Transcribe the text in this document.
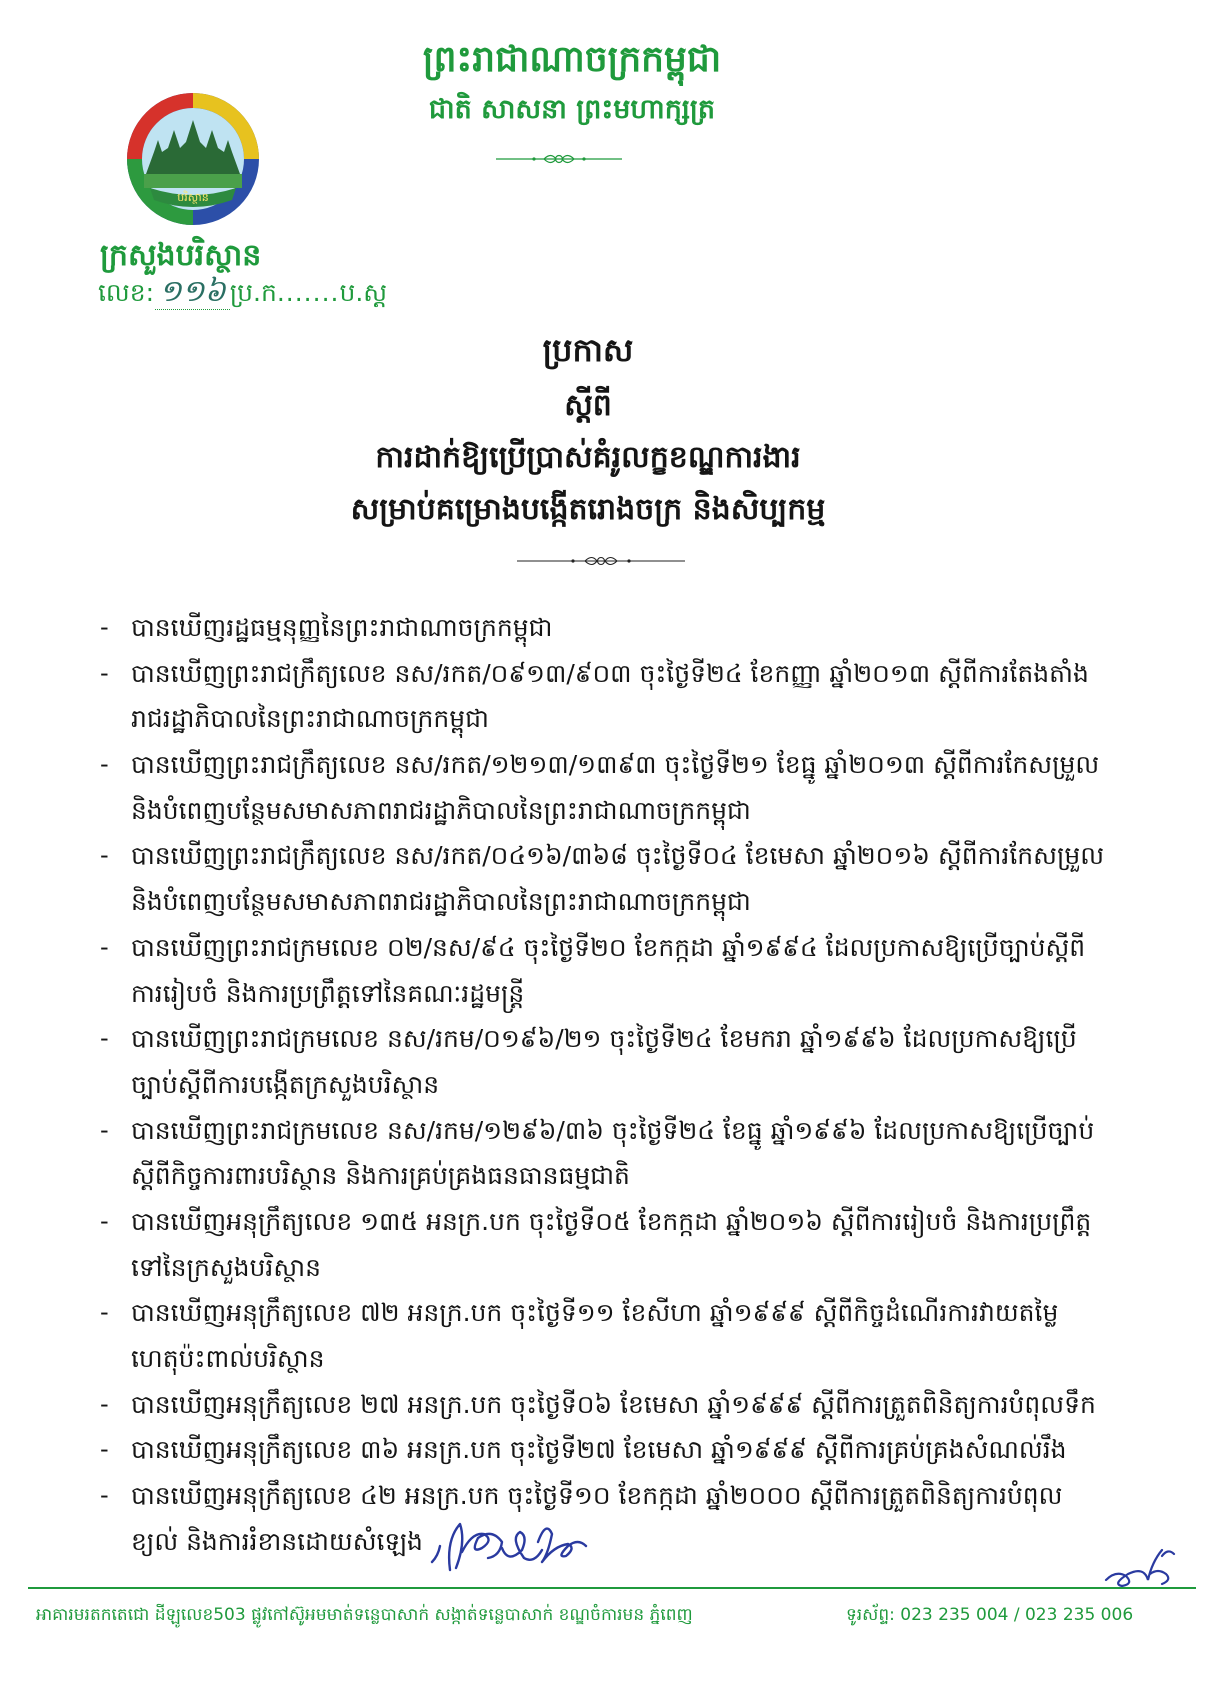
ព្រះរាជាណាចក្រកម្ពុជា
ជាតិ សាសនា ព្រះមហាក្សត្រ
បរិស្ថាន
ក្រសួងបរិស្ថាន
លេខ: ១១៦ ប្រ.ក.......ប.ស្ត
ប្រកាស
ស្តីពី
ការដាក់ឱ្យប្រើប្រាស់គំរូលក្ខខណ្ឌការងារ
សម្រាប់គម្រោងបង្កើតរោងចក្រ និងសិប្បកម្ម
- បានឃើញរដ្ឋធម្មនុញ្ញនៃព្រះរាជាណាចក្រកម្ពុជា
- បានឃើញព្រះរាជក្រឹត្យលេខ នស/រកត/០៩១៣/៩០៣ ចុះថ្ងៃទី២៤ ខែកញ្ញា ឆ្នាំ២០១៣ ស្តីពីការតែងតាំង
រាជរដ្ឋាភិបាលនៃព្រះរាជាណាចក្រកម្ពុជា
- បានឃើញព្រះរាជក្រឹត្យលេខ នស/រកត/១២១៣/១៣៩៣ ចុះថ្ងៃទី២១ ខែធ្នូ ឆ្នាំ២០១៣ ស្តីពីការកែសម្រួល
និងបំពេញបន្ថែមសមាសភាពរាជរដ្ឋាភិបាលនៃព្រះរាជាណាចក្រកម្ពុជា
- បានឃើញព្រះរាជក្រឹត្យលេខ នស/រកត/០៤១៦/៣៦៨ ចុះថ្ងៃទី០៤ ខែមេសា ឆ្នាំ២០១៦ ស្តីពីការកែសម្រួល
និងបំពេញបន្ថែមសមាសភាពរាជរដ្ឋាភិបាលនៃព្រះរាជាណាចក្រកម្ពុជា
- បានឃើញព្រះរាជក្រមលេខ ០២/នស/៩៤ ចុះថ្ងៃទី២០ ខែកក្កដា ឆ្នាំ១៩៩៤ ដែលប្រកាសឱ្យប្រើច្បាប់ស្តីពី
ការរៀបចំ និងការប្រព្រឹត្តទៅនៃគណៈរដ្ឋមន្ត្រី
- បានឃើញព្រះរាជក្រមលេខ នស/រកម/០១៩៦/២១ ចុះថ្ងៃទី២៤ ខែមករា ឆ្នាំ១៩៩៦ ដែលប្រកាសឱ្យប្រើ
ច្បាប់ស្តីពីការបង្កើតក្រសួងបរិស្ថាន
- បានឃើញព្រះរាជក្រមលេខ នស/រកម/១២៩៦/៣៦ ចុះថ្ងៃទី២៤ ខែធ្នូ ឆ្នាំ១៩៩៦ ដែលប្រកាសឱ្យប្រើច្បាប់
ស្តីពីកិច្ចការពារបរិស្ថាន និងការគ្រប់គ្រងធនធានធម្មជាតិ
- បានឃើញអនុក្រឹត្យលេខ ១៣៥ អនក្រ.បក ចុះថ្ងៃទី០៥ ខែកក្កដា ឆ្នាំ២០១៦ ស្តីពីការរៀបចំ និងការប្រព្រឹត្ត
ទៅនៃក្រសួងបរិស្ថាន
- បានឃើញអនុក្រឹត្យលេខ ៧២ អនក្រ.បក ចុះថ្ងៃទី១១ ខែសីហា ឆ្នាំ១៩៩៩ ស្តីពីកិច្ចដំណើរការវាយតម្លៃ
ហេតុប៉ះពាល់បរិស្ថាន
- បានឃើញអនុក្រឹត្យលេខ ២៧ អនក្រ.បក ចុះថ្ងៃទី០៦ ខែមេសា ឆ្នាំ១៩៩៩ ស្តីពីការត្រួតពិនិត្យការបំពុលទឹក
- បានឃើញអនុក្រឹត្យលេខ ៣៦ អនក្រ.បក ចុះថ្ងៃទី២៧ ខែមេសា ឆ្នាំ១៩៩៩ ស្តីពីការគ្រប់គ្រងសំណល់រឹង
- បានឃើញអនុក្រឹត្យលេខ ៤២ អនក្រ.បក ចុះថ្ងៃទី១០ ខែកក្កដា ឆ្នាំ២០០០ ស្តីពីការត្រួតពិនិត្យការបំពុល
ខ្យល់ និងការរំខានដោយសំឡេង
អាគារមរតកតេជោ ដីឡូលេខ503 ផ្លូវកៅស៊ូអមមាត់ទន្លេបាសាក់ សង្កាត់ទន្លេបាសាក់ ខណ្ឌចំការមន ភ្នំពេញ	ទូរស័ព្ទ: 023 235 004 / 023 235 006
